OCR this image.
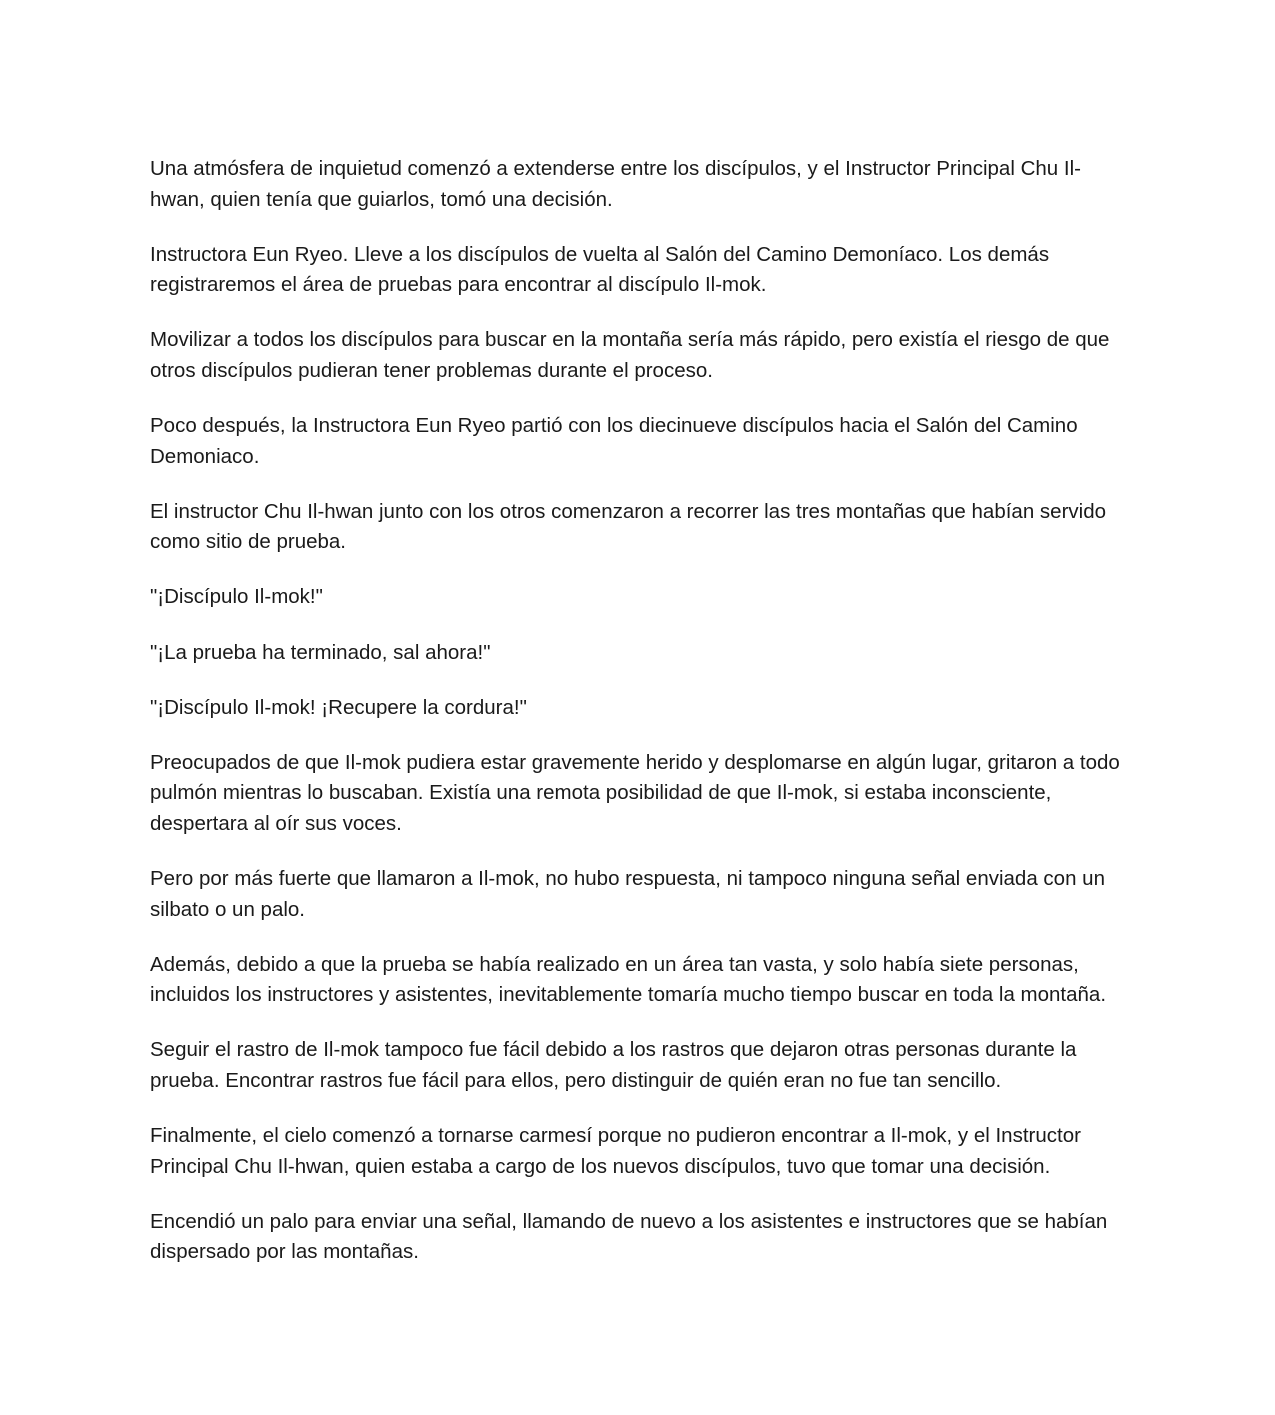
Una atmósfera de inquietud comenzó a extenderse entre los discípulos, y el Instructor Principal Chu Il-hwan, quien tenía que guiarlos, tomó una decisión.

Instructora Eun Ryeo. Lleve a los discípulos de vuelta al Salón del Camino Demoníaco. Los demás registraremos el área de pruebas para encontrar al discípulo Il-mok.

Movilizar a todos los discípulos para buscar en la montaña sería más rápido, pero existía el riesgo de que otros discípulos pudieran tener problemas durante el proceso.

Poco después, la Instructora Eun Ryeo partió con los diecinueve discípulos hacia el Salón del Camino Demoniaco.

El instructor Chu Il-hwan junto con los otros comenzaron a recorrer las tres montañas que habían servido como sitio de prueba.

"¡Discípulo Il-mok!"

"¡La prueba ha terminado, sal ahora!"

"¡Discípulo Il-mok! ¡Recupere la cordura!"

Preocupados de que Il-mok pudiera estar gravemente herido y desplomarse en algún lugar, gritaron a todo pulmón mientras lo buscaban. Existía una remota posibilidad de que Il-mok, si estaba inconsciente, despertara al oír sus voces.

Pero por más fuerte que llamaron a Il-mok, no hubo respuesta, ni tampoco ninguna señal enviada con un silbato o un palo.

Además, debido a que la prueba se había realizado en un área tan vasta, y solo había siete personas, incluidos los instructores y asistentes, inevitablemente tomaría mucho tiempo buscar en toda la montaña.

Seguir el rastro de Il-mok tampoco fue fácil debido a los rastros que dejaron otras personas durante la prueba. Encontrar rastros fue fácil para ellos, pero distinguir de quién eran no fue tan sencillo.

Finalmente, el cielo comenzó a tornarse carmesí porque no pudieron encontrar a Il-mok, y el Instructor Principal Chu Il-hwan, quien estaba a cargo de los nuevos discípulos, tuvo que tomar una decisión.

Encendió un palo para enviar una señal, llamando de nuevo a los asistentes e instructores que se habían dispersado por las montañas.
